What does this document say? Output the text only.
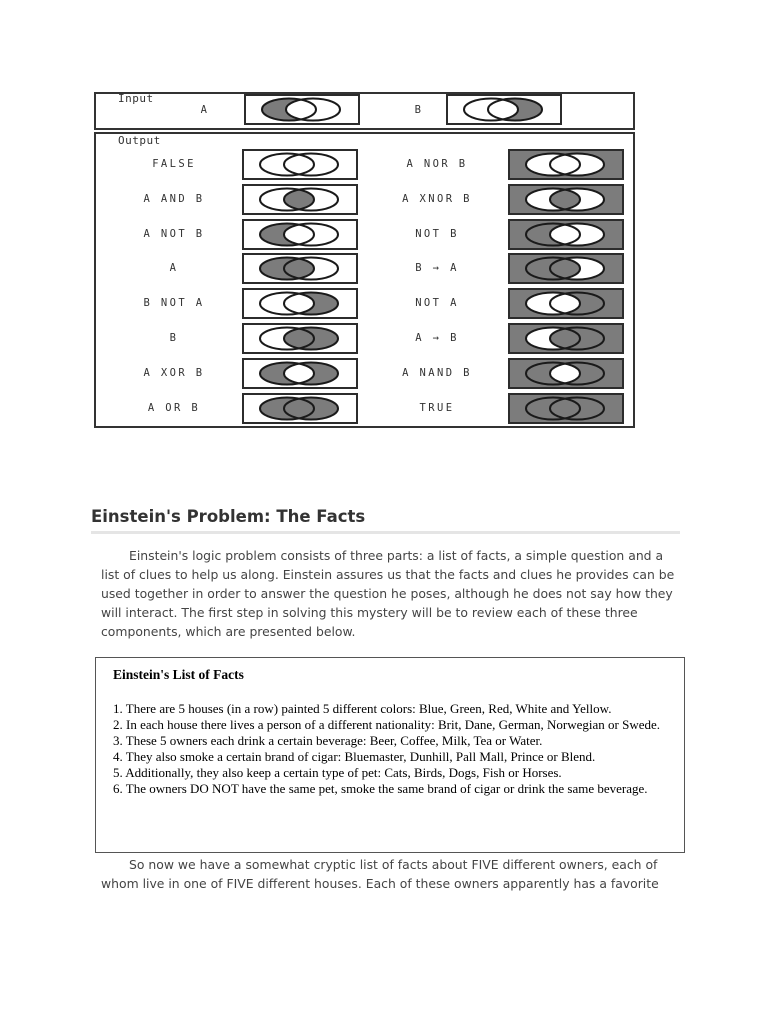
Input
Output
A	B
FALSE
A AND B
A NOT B
A
B NOT A
B
A XOR B
A OR B
A NOR B
A XNOR B
NOT B
B → A
NOT A
A → B
A NAND B
TRUE
Einstein's Problem: The Facts

Einstein's logic problem consists of three parts: a list of facts, a simple question and a list of clues to help us along. Einstein assures us that the facts and clues he provides can be used together in order to answer the question he poses, although he does not say how they will interact. The first step in solving this mystery will be to review each of these three components, which are presented below.

Einstein's List of Facts

1. There are 5 houses (in a row) painted 5 different colors: Blue, Green, Red, White and Yellow.
2. In each house there lives a person of a different nationality: Brit, Dane, German, Norwegian or Swede.
3. These 5 owners each drink a certain beverage: Beer, Coffee, Milk, Tea or Water.
4. They also smoke a certain brand of cigar: Bluemaster, Dunhill, Pall Mall, Prince or Blend.
5. Additionally, they also keep a certain type of pet: Cats, Birds, Dogs, Fish or Horses.
6. The owners DO NOT have the same pet, smoke the same brand of cigar or drink the same beverage.

So now we have a somewhat cryptic list of facts about FIVE different owners, each of whom live in one of FIVE different houses. Each of these owners apparently has a favorite
